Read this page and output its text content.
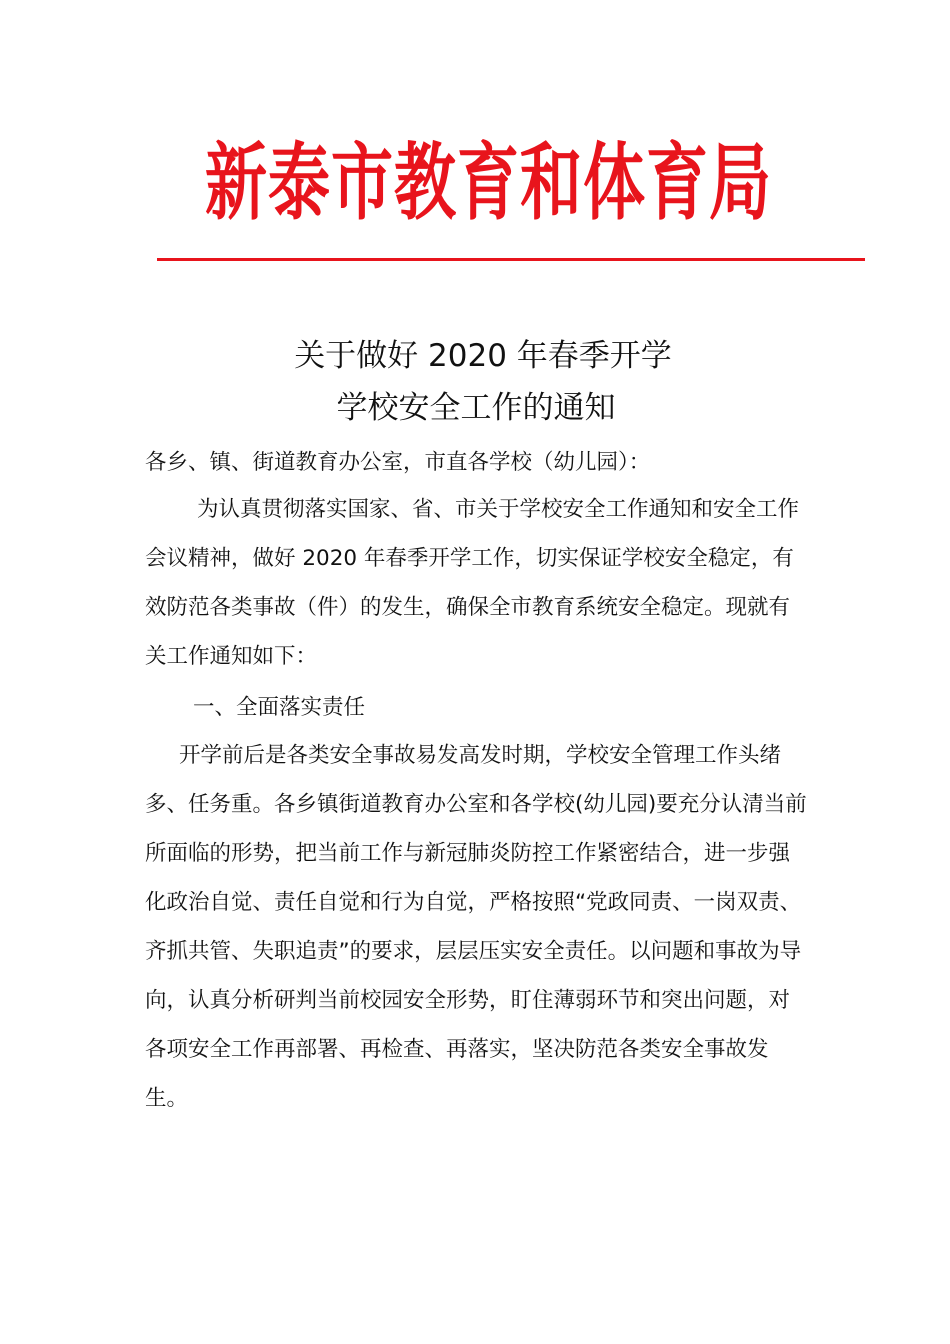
新泰市教育和体育局
关于做好 2020 年春季开学
学校安全工作的通知

各乡、镇、街道教育办公室，市直各学校（幼儿园）：

为认真贯彻落实国家、省、市关于学校安全工作通知和安全工作会议精神，做好 2020 年春季开学工作，切实保证学校安全稳定，有效防范各类事故（件）的发生，确保全市教育系统安全稳定。现就有关工作通知如下：

一、全面落实责任

开学前后是各类安全事故易发高发时期，学校安全管理工作头绪多、任务重。各乡镇街道教育办公室和各学校(幼儿园)要充分认清当前所面临的形势，把当前工作与新冠肺炎防控工作紧密结合，进一步强化政治自觉、责任自觉和行为自觉，严格按照“党政同责、一岗双责、齐抓共管、失职追责”的要求，层层压实安全责任。以问题和事故为导向，认真分析研判当前校园安全形势，盯住薄弱环节和突出问题，对各项安全工作再部署、再检查、再落实，坚决防范各类安全事故发生。
